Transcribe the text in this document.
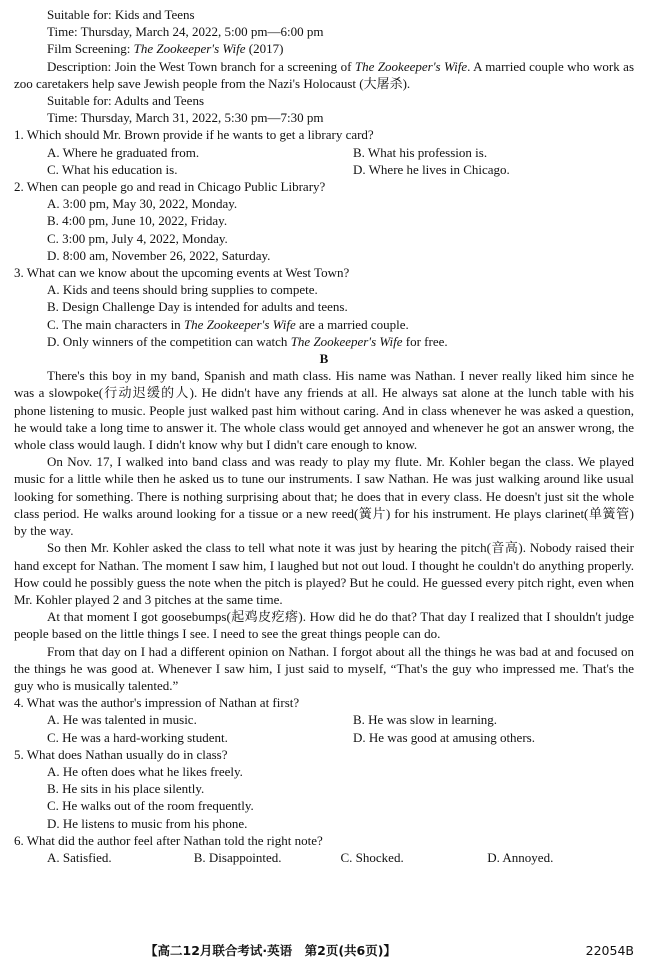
Suitable for: Kids and Teens

Time: Thursday, March 24, 2022, 5:00 pm—6:00 pm

Film Screening: The Zookeeper's Wife (2017)

Description: Join the West Town branch for a screening of The Zookeeper's Wife. A married couple who work as zoo caretakers help save Jewish people from the Nazi's Holocaust (大屠杀).

Suitable for: Adults and Teens

Time: Thursday, March 31, 2022, 5:30 pm—7:30 pm

1. Which should Mr. Brown provide if he wants to get a library card?

A. Where he graduated from.	B. What his profession is.
C. What his education is.	D. Where he lives in Chicago.

2. When can people go and read in Chicago Public Library?

A. 3:00 pm, May 30, 2022, Monday.

B. 4:00 pm, June 10, 2022, Friday.

C. 3:00 pm, July 4, 2022, Monday.

D. 8:00 am, November 26, 2022, Saturday.

3. What can we know about the upcoming events at West Town?

A. Kids and teens should bring supplies to compete.

B. Design Challenge Day is intended for adults and teens.

C. The main characters in The Zookeeper's Wife are a married couple.

D. Only winners of the competition can watch The Zookeeper's Wife for free.

B

There's this boy in my band, Spanish and math class. His name was Nathan. I never really liked him since he was a slowpoke(行动迟缓的人). He didn't have any friends at all. He always sat alone at the lunch table with his phone listening to music. People just walked past him without caring. And in class whenever he was asked a question, he would take a long time to answer it. The whole class would get annoyed and whenever he got an answer wrong, the whole class would laugh. I didn't know why but I didn't care enough to know.

On Nov. 17, I walked into band class and was ready to play my flute. Mr. Kohler began the class. We played music for a little while then he asked us to tune our instruments. I saw Nathan. He was just walking around like usual looking for something. There is nothing surprising about that; he does that in every class. He doesn't just sit the whole class period. He walks around looking for a tissue or a new reed(簧片) for his instrument. He plays clarinet(单簧管) by the way.

So then Mr. Kohler asked the class to tell what note it was just by hearing the pitch(音高). Nobody raised their hand except for Nathan. The moment I saw him, I laughed but not out loud. I thought he couldn't do anything properly. How could he possibly guess the note when the pitch is played? But he could. He guessed every pitch right, even when Mr. Kohler played 2 and 3 pitches at the same time.

At that moment I got goosebumps(起鸡皮疙瘩). How did he do that? That day I realized that I shouldn't judge people based on the little things I see. I need to see the great things people can do.

From that day on I had a different opinion on Nathan. I forgot about all the things he was bad at and focused on the things he was good at. Whenever I saw him, I just said to myself, “That's the guy who impressed me. That's the guy who is musically talented.”

4. What was the author's impression of Nathan at first?

A. He was talented in music.	B. He was slow in learning.
C. He was a hard-working student.	D. He was good at amusing others.

5. What does Nathan usually do in class?

A. He often does what he likes freely.

B. He sits in his place silently.

C. He walks out of the room frequently.

D. He listens to music from his phone.

6. What did the author feel after Nathan told the right note?

A. Satisfied.	B. Disappointed.	C. Shocked.	D. Annoyed.
【高二12月联合考试·英语　第2页(共6页)】	22054B
